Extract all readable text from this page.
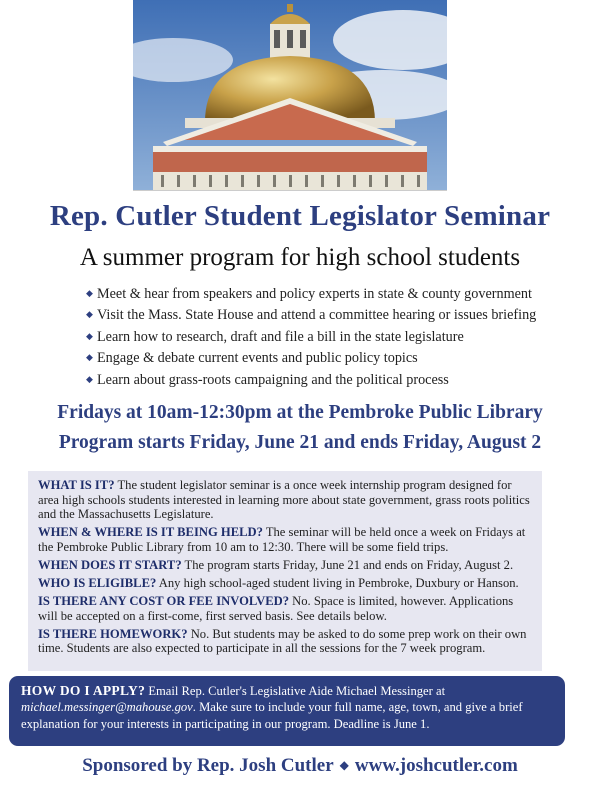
Rep. Cutler Student Legislator Seminar
A summer program for high school students
◆ Meet & hear from speakers and policy experts in state & county government
◆ Visit the Mass. State House and attend a committee hearing or issues briefing
◆ Learn how to research, draft and file a bill in the state legislature
◆ Engage & debate current events and public policy topics
◆ Learn about grass-roots campaigning and the political process
Fridays at 10am-12:30pm at the Pembroke Public Library
Program starts Friday, June 21 and ends Friday, August 2

WHAT IS IT? The student legislator seminar is a once week internship program designed for area high schools students interested in learning more about state government, grass roots politics and the Massachusetts Legislature.

WHEN & WHERE IS IT BEING HELD? The seminar will be held once a week on Fridays at the Pembroke Public Library from 10 am to 12:30. There will be some field trips.

WHEN DOES IT START? The program starts Friday, June 21 and ends on Friday, August 2.

WHO IS ELIGIBLE? Any high school-aged student living in Pembroke, Duxbury or Hanson.

IS THERE ANY COST OR FEE INVOLVED? No. Space is limited, however. Applications will be accepted on a first-come, first served basis. See details below.

IS THERE HOMEWORK? No. But students may be asked to do some prep work on their own time. Students are also expected to participate in all the sessions for the 7 week program.

HOW DO I APPLY? Email Rep. Cutler's Legislative Aide Michael Messinger at michael.messinger@mahouse.gov. Make sure to include your full name, age, town, and give a brief explanation for your interests in participating in our program. Deadline is June 1.
Sponsored by Rep. Josh Cutler ◆ www.joshcutler.com
